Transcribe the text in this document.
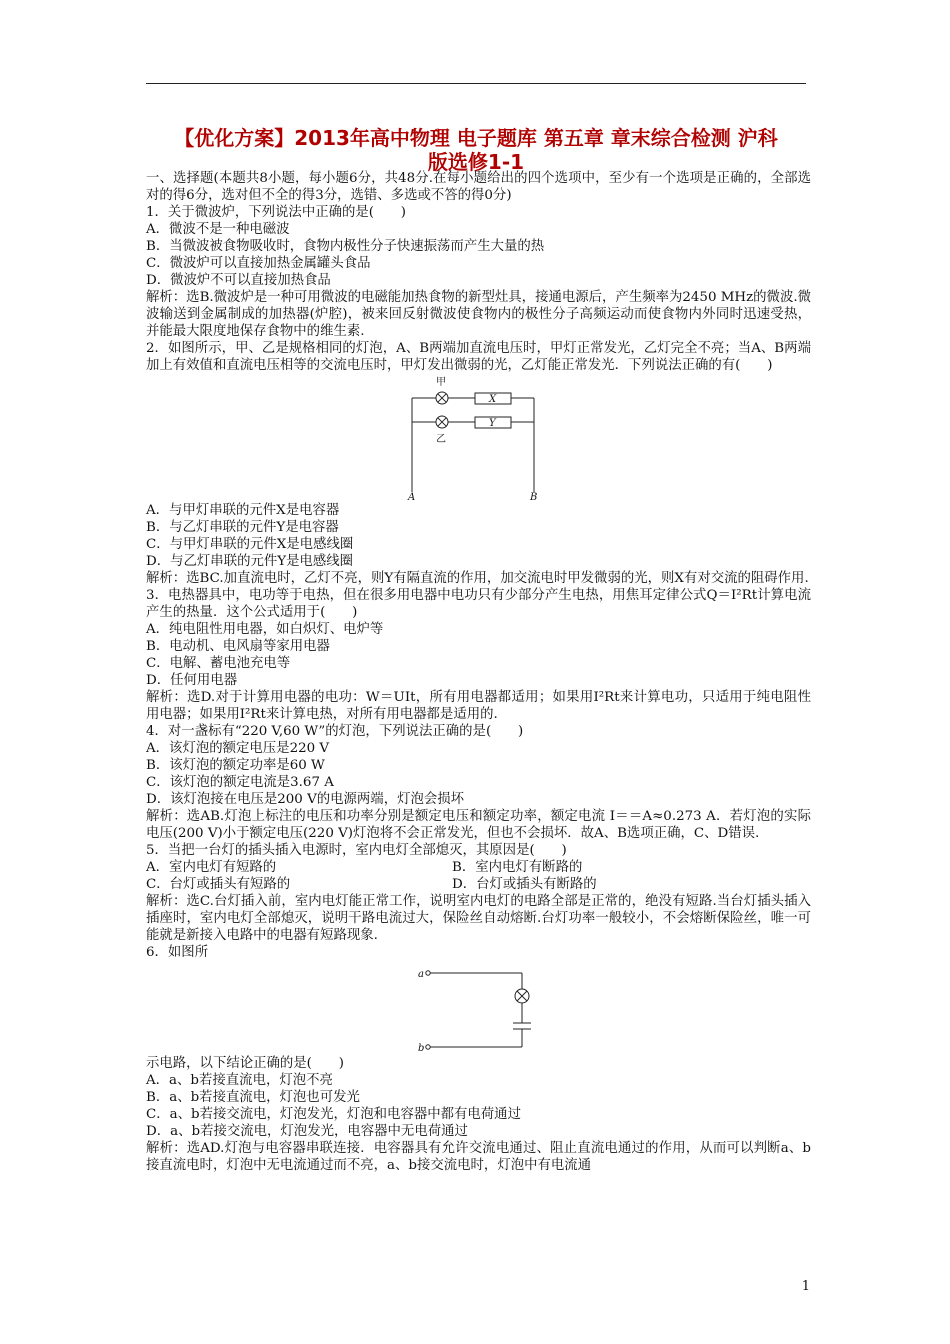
【优化方案】2013年高中物理 电子题库 第五章 章末综合检测 沪科
版选修1-1

一、选择题(本题共8小题，每小题6分，共48分.在每小题给出的四个选项中，至少有一个选项是正确的，全部选对的得6分，选对但不全的得3分，选错、多选或不答的得0分)

1．关于微波炉，下列说法中正确的是(　　)

A．微波不是一种电磁波

B．当微波被食物吸收时，食物内极性分子快速振荡而产生大量的热

C．微波炉可以直接加热金属罐头食品

D．微波炉不可以直接加热食品

解析：选B.微波炉是一种可用微波的电磁能加热食物的新型灶具，接通电源后，产生频率为2450 MHz的微波.微波输送到金属制成的加热器(炉腔)，被来回反射微波使食物内的极性分子高频运动而使食物内外同时迅速受热，并能最大限度地保存食物中的维生素.

2．如图所示，甲、乙是规格相同的灯泡，A、B两端加直流电压时，甲灯正常发光，乙灯完全不亮；当A、B两端加上有效值和直流电压相等的交流电压时，甲灯发出微弱的光，乙灯能正常发光．下列说法正确的有(　　)

甲
X
Y
乙
A	B

A．与甲灯串联的元件X是电容器

B．与乙灯串联的元件Y是电容器

C．与甲灯串联的元件X是电感线圈

D．与乙灯串联的元件Y是电感线圈

解析：选BC.加直流电时，乙灯不亮，则Y有隔直流的作用，加交流电时甲发微弱的光，则X有对交流的阻碍作用.

3．电热器具中，电功等于电热，但在很多用电器中电功只有少部分产生电热，用焦耳定律公式Q＝I²Rt计算电流产生的热量．这个公式适用于(　　)

A．纯电阻性用电器，如白炽灯、电炉等

B．电动机、电风扇等家用电器

C．电解、蓄电池充电等

D．任何用电器

解析：选D.对于计算用电器的电功：W＝UIt，所有用电器都适用；如果用I²Rt来计算电功，只适用于纯电阻性用电器；如果用I²Rt来计算电热，对所有用电器都是适用的.

4．对一盏标有“220 V,60 W”的灯泡，下列说法正确的是(　　)

A．该灯泡的额定电压是220 V

B．该灯泡的额定功率是60 W

C．该灯泡的额定电流是3.67 A

D．该灯泡接在电压是200 V的电源两端，灯泡会损坏

解析：选AB.灯泡上标注的电压和功率分别是额定电压和额定功率，额定电流 I＝＝A≈0.273 A．若灯泡的实际电压(200 V)小于额定电压(220 V)灯泡将不会正常发光，但也不会损坏．故A、B选项正确，C、D错误.

5．当把一台灯的插头插入电源时，室内电灯全部熄灭，其原因是(　　)

A．室内电灯有短路的	B．室内电灯有断路的
C．台灯或插头有短路的	D．台灯或插头有断路的

解析：选C.台灯插入前，室内电灯能正常工作，说明室内电灯的电路全部是正常的，绝没有短路.当台灯插头插入插座时，室内电灯全部熄灭，说明干路电流过大，保险丝自动熔断.台灯功率一般较小，不会熔断保险丝，唯一可能就是新接入电路中的电器有短路现象.

6．如图所

a
b

示电路，以下结论正确的是(　　)

A．a、b若接直流电，灯泡不亮

B．a、b若接直流电，灯泡也可发光

C．a、b若接交流电，灯泡发光，灯泡和电容器中都有电荷通过

D．a、b若接交流电，灯泡发光，电容器中无电荷通过

解析：选AD.灯泡与电容器串联连接．电容器具有允许交流电通过、阻止直流电通过的作用，从而可以判断a、b接直流电时，灯泡中无电流通过而不亮，a、b接交流电时，灯泡中有电流通

1
